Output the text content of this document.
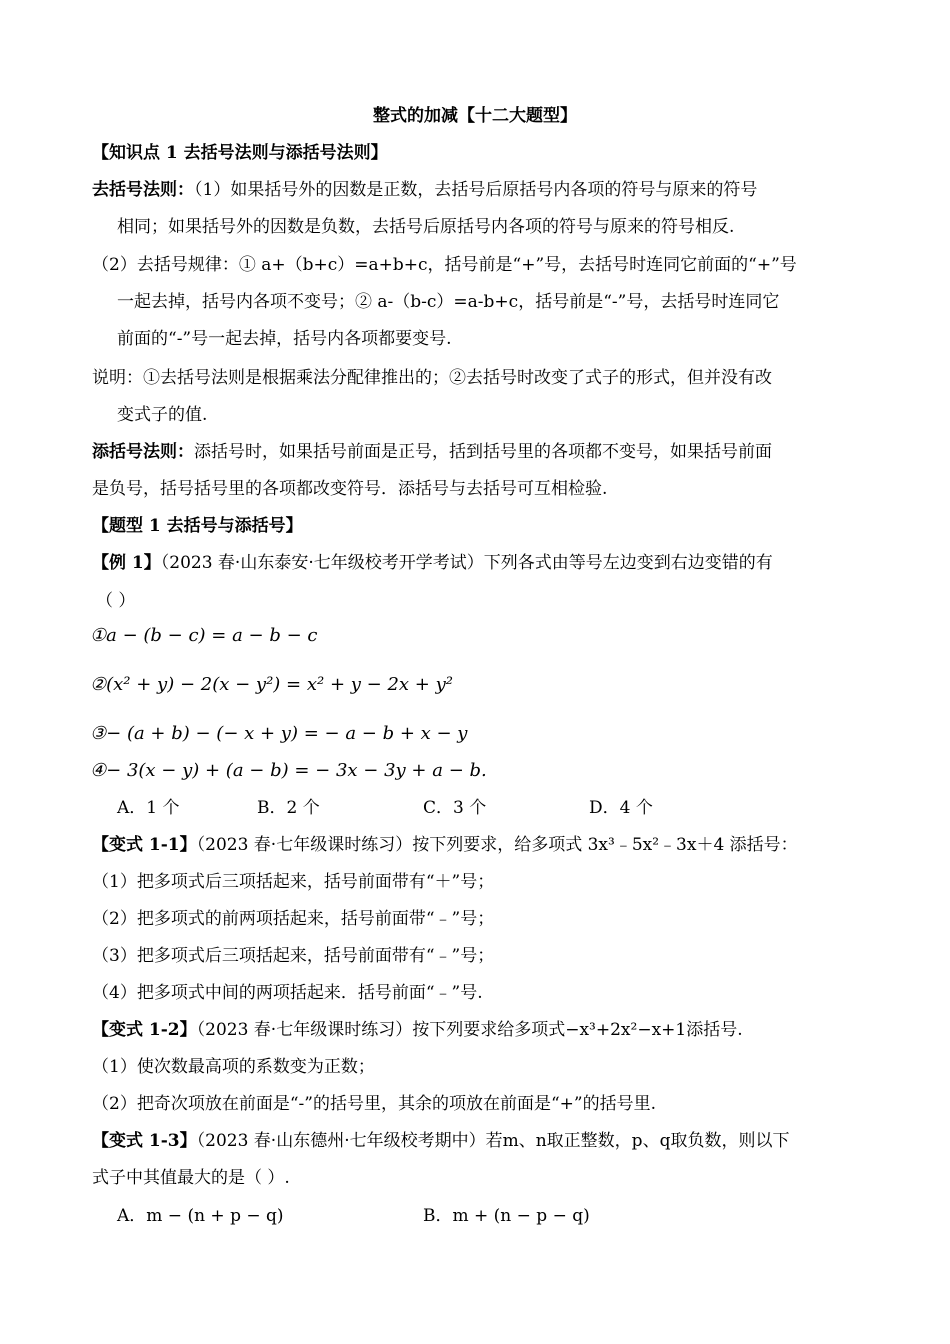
整式的加减【十二大题型】
【知识点 1 去括号法则与添括号法则】
去括号法则：（1）如果括号外的因数是正数，去括号后原括号内各项的符号与原来的符号
相同；如果括号外的因数是负数，去括号后原括号内各项的符号与原来的符号相反.
（2）去括号规律：① a+（b+c）=a+b+c，括号前是“+”号，去括号时连同它前面的“+”号
一起去掉，括号内各项不变号；② a-（b-c）=a-b+c，括号前是“-”号，去括号时连同它
前面的“-”号一起去掉，括号内各项都要变号.
说明：①去括号法则是根据乘法分配律推出的；②去括号时改变了式子的形式，但并没有改
变式子的值.
添括号法则：添括号时，如果括号前面是正号，括到括号里的各项都不变号，如果括号前面
是负号，括号括号里的各项都改变符号．添括号与去括号可互相检验.
【题型 1 去括号与添括号】
【例 1】（2023 春·山东泰安·七年级校考开学考试）下列各式由等号左边变到右边变错的有
（ ）
①a − (b − c) = a − b − c
②(x² + y) − 2(x − y²) = x² + y − 2x + y²
③− (a + b) − (− x + y) = − a − b + x − y
④− 3(x − y) + (a − b) = − 3x − 3y + a − b.
A．1 个	B．2 个	C．3 个	D．4 个
【变式 1-1】（2023 春·七年级课时练习）按下列要求，给多项式 3x³﹣5x²﹣3x＋4 添括号：
（1）把多项式后三项括起来，括号前面带有“＋”号；
（2）把多项式的前两项括起来，括号前面带“﹣”号；
（3）把多项式后三项括起来，括号前面带有“﹣”号；
（4）把多项式中间的两项括起来．括号前面“﹣”号.
【变式 1-2】（2023 春·七年级课时练习）按下列要求给多项式−x³+2x²−x+1添括号.
（1）使次数最高项的系数变为正数；
（2）把奇次项放在前面是“-”的括号里，其余的项放在前面是“+”的括号里.
【变式 1-3】（2023 春·山东德州·七年级校考期中）若m、n取正整数，p、q取负数，则以下
式子中其值最大的是（ ）.
A．m − (n + p − q)	B．m + (n − p − q)
